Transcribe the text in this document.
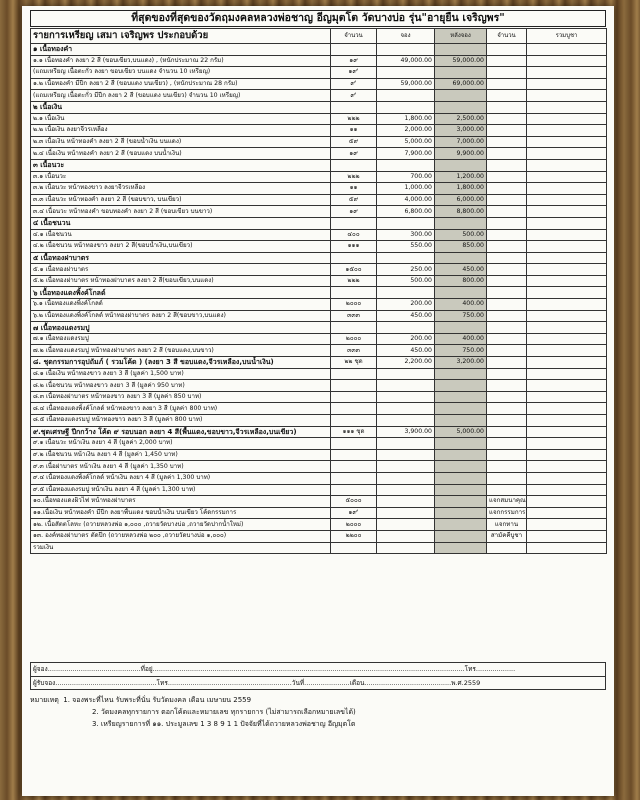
ที่สุดของที่สุดของวัดฤมงคลหลวงพ่อชาญ อีญมุตโต วัดบางบ่อ รุ่น"อายุยืน เจริญพร"
รายการเหรียญ เสมา เจริญพร ประกอบด้วย	จำนวน	จอง	หลังจอง	จำนวน	รวมบูชา
๑ เนื้อทองคำ					
๑.๑ เนื้อทองคำ ลงยา 2 สี (ขอบเขียว,บนแดง) , (หนักประมาณ 22 กรัม)	๑๙	49,000.00	59,000.00		
(แถมเหรียญ เนื้อตะกั่ว ลงยา ขอบเขียว บนแดง จำนวน 10 เหรียญ)	๑๙'				
๑.๒ เนื้อทองคำ มีปีก ลงยา 2 สี (ขอบแดง บนเขียว) , (หนักประมาณ 28 กรัม)	๙'	59,000.00	69,000.00		
(แถมเหรียญ เนื้อตะกั่ว มีปีก ลงยา 2 สี (ขอบแดง บนเขียว) จำนวน 10 เหรียญ)	๙'				
๒ เนื้อเงิน					
๒.๑ เนื้อเงิน	๒๒๒	1,800.00	2,500.00		
๒.๒ เนื้อเงิน ลงยาจีวรเหลือง	๑๑	2,000.00	3,000.00		
๒.๓ เนื้อเงิน หน้าทองคำ ลงยา 2 สี (ขอบน้ำเงิน บนแดง)	๕๙	5,000.00	7,000.00		
๒.๔ เนื้อเงิน หน้าทองคำ ลงยา 2 สี (ขอบแดง บนน้ำเงิน)	๑๙	7,900.00	9,900.00		
๓ เนื้อนวะ					
๓.๑ เนื้อนวะ	๒๒๒	700.00	1,200.00		
๓.๒ เนื้อนวะ หน้าทองขาว ลงยาจีวรเหลือง	๑๑	1,000.00	1,800.00		
๓.๓ เนื้อนวะ หน้าทองคำ ลงยา 2 สี (ขอบขาว, บนเขียว)	๕๙	4,000.00	6,000.00		
๓.๔ เนื้อนวะ หน้าทองคำ ขอบทองคำ ลงยา 2 สี (ขอบเขียว บนขาว)	๑๙	6,800.00	8,800.00		
๔ เนื้อชนวน					
๔.๑ เนื้อชนวน	๔๐๐	300.00	500.00		
๔.๒ เนื้อชนวน หน้าทองขาว ลงยา 2 สี(ขอบน้ำเงิน,บนเขียว)	๑๑๑	550.00	850.00		
๕ เนื้อทองฝาบาตร					
๕.๑ เนื้อทองฝาบาตร	๑๕๐๐	250.00	450.00		
๕.๒ เนื้อทองฝาบาตร หน้าทองฝาบาตร ลงยา 2 สี(ขอบเขียว,บนแดง)	๒๒๒	500.00	800.00		
๖ เนื้อทองแดงพิ้งค์โกลด์					
๖.๑ เนื้อทองแดงพิ้งค์โกลด์	๒๐๐๐	200.00	400.00		
๖.๒ เนื้อทองแดงพิ้งค์โกลด์ หน้าทองฝาบาตร ลงยา 2 สี(ขอบขาว,บนแดง)	๓๓๓	450.00	750.00		
๗ เนื้อทองแดงรมปู					
๗.๑ เนื้อทองแดงรมปู	๒๐๐๐	200.00	400.00		
๗.๒ เนื้อทองแดงรมปู หน้าทองฝาบาตร ลงยา 2 สี (ขอบแดง,บนขาว)	๓๓๓	450.00	750.00		
๘. ชุดกรรมการอุปถัมภ์ ( รวมโค้ด ) (ลงยา 3 สี ขอบแดง,จีวรเหลือง,บนน้ำเงิน)	๒๒ ชุด	2,200.00	3,200.00		
๘.๑ เนื้อเงิน หน้าทองขาว ลงยา 3 สี (มูลค่า 1,500 บาท)					
๘.๒ เนื้อชนวน หน้าทองขาว ลงยา 3 สี (มูลค่า 950 บาท)					
๘.๓ เนื้อทองฝาบาตร หน้าทองขาว ลงยา 3 สี (มูลค่า 850 บาท)					
๘.๔ เนื้อทองแดงพิ้งค์โกลด์ หน้าทองขาว ลงยา 3 สี (มูลค่า 800 บาท)					
๘.๕ เนื้อทองแดงรมปู หน้าทองขาว ลงยา 3 สี (มูลค่า 800 บาท)					
๙.ชุดเศรษฐี ปีกกว้าง โค้ด ๙ รอบนอก ลงยา 4 สี(พื้นแดง,ขอบขาว,จีวรเหลือง,บนเขียว)	๑๑๑ ชุด	3,900.00	5,000.00		
๙.๑ เนื้อนวะ หน้าเงิน ลงยา 4 สี (มูลค่า 2,000 บาท)					
๙.๒ เนื้อชนวน หน้าเงิน ลงยา 4 สี (มูลค่า 1,450 บาท)					
๙.๓ เนื้อฝาบาตร หน้าเงิน ลงยา 4 สี (มูลค่า 1,350 บาท)					
๙.๔ เนื้อทองแดงพิ้งค์โกลด์ หน้าเงิน ลงยา 4 สี (มูลค่า 1,300 บาท)					
๙.๕ เนื้อทองแดงรมปู หน้าเงิน ลงยา 4 สี (มูลค่า 1,300 บาท)					
๑๐.เนื้อทองแดงผิวไฟ หน้าทองฝาบาตร	๕๐๐๐			แจกสมนาคุณ	
๑๑.เนื้อเงิน หน้าทองคำ มีปีก ลงยาพื้นแดง ขอบน้ำเงิน บนเขียว โค้ดกรรมการ	๑๙'			แจกกรรมการ	
๑๒. เนื้อสัตตโลหะ (ถวายหลวงพ่อ ๑,๐๐๐ ,ถวายวัดบางบ่อ ,ถวายวัดปากน้ำใหม่)	๒๐๐๐			แจกทาน	
๑๓. องค์ทองฝาบาตร ตัดปีก (ถวายหลวงพ่อ ๒๐๐ ,ถวายวัดบางบ่อ ๑,๐๐๐)	๒๒๐๐			สามัคคีบูชา	
รวมเงิน					
ผู้จอง.............................................ที่อยู่.......................................................................................................................................................โทร...................
ผู้รับจอง.................................................โทร............................................................วันที่......................เดือน..........................................พ.ศ.2559
หมายเหตุ 1. จองพระที่ไหน รับพระที่นั่น รับวัดมงคล เดือน เมษายน 2559
2. วัดมงคลทุกรายการ ตอกโค้ดและหมายเลข ทุกรายการ (ไม่สามารถเลือกหมายเลขได้)
3. เหรียญรายการที่ ๑๑. ประมูลเลข 1 3 8 9 1 1 ปัจจัยที่ได้ถวายหลวงพ่อชาญ อีญมุตโต
